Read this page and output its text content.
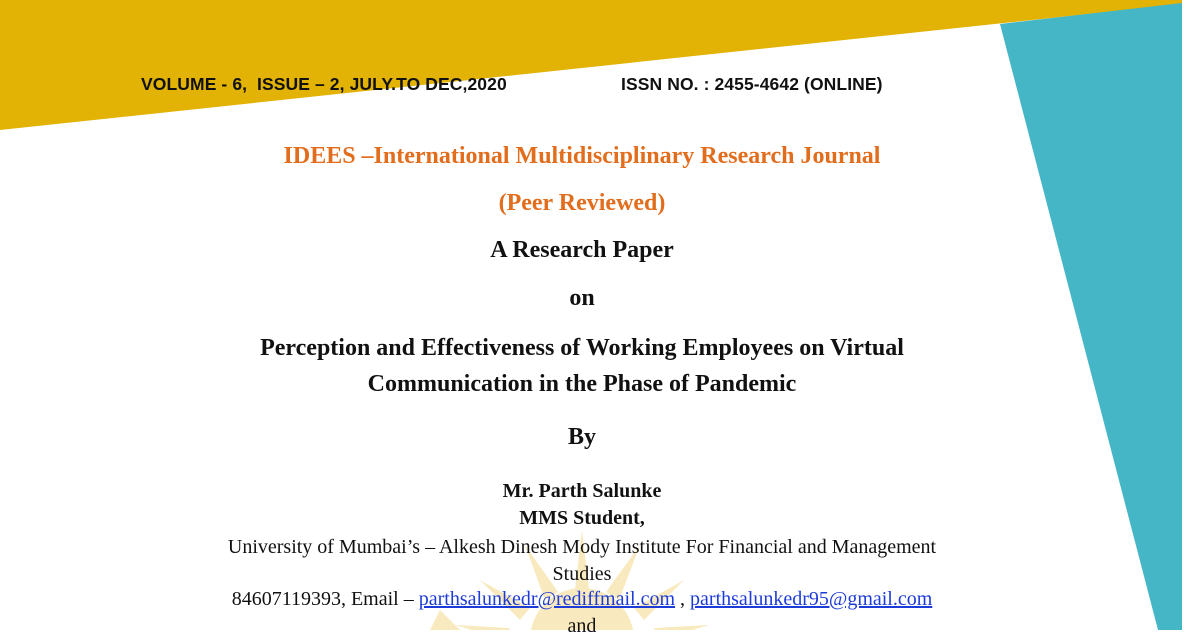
VOLUME - 6,  ISSUE – 2, JULY.TO DEC,2020	ISSN NO. : 2455-4642 (ONLINE)
IDEES –International Multidisciplinary Research Journal
(Peer Reviewed)
A Research Paper
on
Perception and Effectiveness of Working Employees on Virtual
Communication in the Phase of Pandemic
By
Mr. Parth Salunke
MMS Student,
University of Mumbai’s – Alkesh Dinesh Mody Institute For Financial and Management
Studies
84607119393, Email – parthsalunkedr@rediffmail.com , parthsalunkedr95@gmail.com
and
